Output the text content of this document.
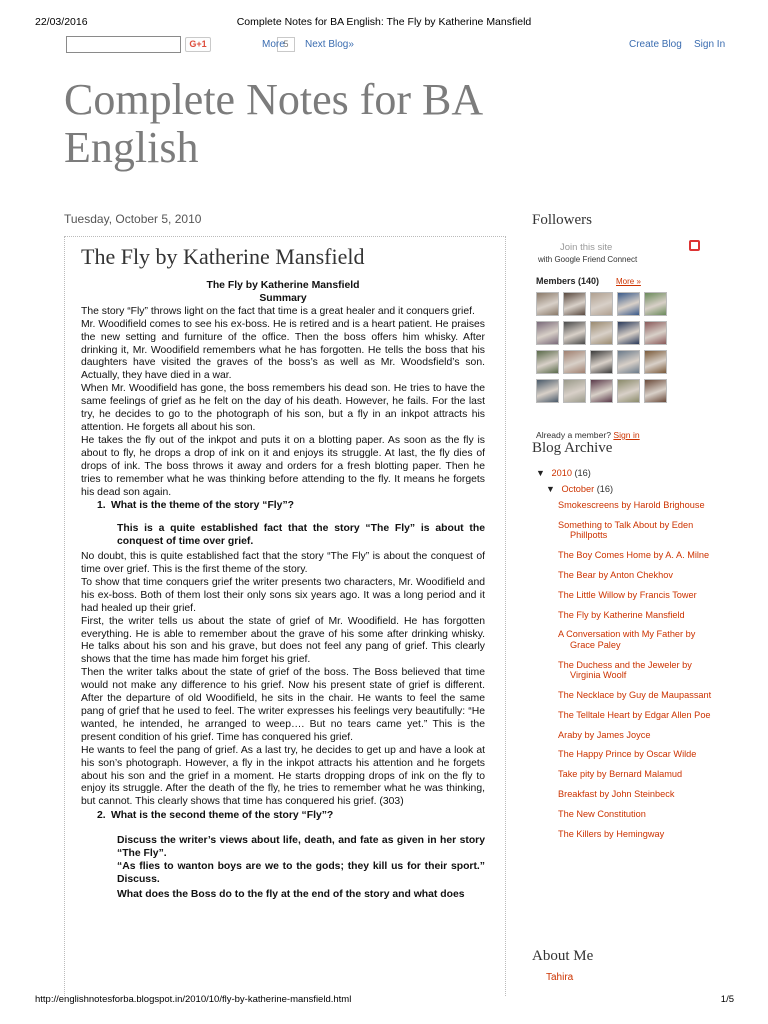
22/03/2016	Complete Notes for BA English: The Fly by Katherine Mansfield
G+1	5
More Next Blog»	Create Blog Sign In
Complete Notes for BA English
Tuesday, October 5, 2010
The Fly by Katherine Mansfield

The Fly by Katherine Mansfield

Summary

The story “Fly” throws light on the fact that time is a great healer and it conquers grief.

Mr. Woodifield comes to see his ex-boss. He is retired and is a heart patient. He praises the new setting and furniture of the office. Then the boss offers him whisky. After drinking it, Mr. Woodifield remembers what he has forgotten. He tells the boss that his daughters have visited the graves of the boss’s as well as Mr. Woodsfield’s son. Actually, they have died in a war.

When Mr. Woodifield has gone, the boss remembers his dead son. He tries to have the same feelings of grief as he felt on the day of his death. However, he fails. For the last try, he decides to go to the photograph of his son, but a fly in an inkpot attracts his attention. He forgets all about his son.

He takes the fly out of the inkpot and puts it on a blotting paper. As soon as the fly is about to fly, he drops a drop of ink on it and enjoys its struggle. At last, the fly dies of drops of ink. The boss throws it away and orders for a fresh blotting paper. Then he tries to remember what he was thinking before attending to the fly. It means he forgets his dead son again.

1. What is the theme of the story “Fly”?

This is a quite established fact that the story “The Fly” is about the conquest of time over grief.

No doubt, this is quite established fact that the story “The Fly” is about the conquest of time over grief. This is the first theme of the story.

To show that time conquers grief the writer presents two characters, Mr. Woodifield and his ex-boss. Both of them lost their only sons six years ago. It was a long period and it had healed up their grief.

First, the writer tells us about the state of grief of Mr. Woodifield. He has forgotten everything. He is able to remember about the grave of his some after drinking whisky. He talks about his son and his grave, but does not feel any pang of grief. This clearly shows that the time has made him forget his grief.

Then the writer talks about the state of grief of the boss. The Boss believed that time would not make any difference to his grief. Now his present state of grief is different. After the departure of old Woodifield, he sits in the chair. He wants to feel the same pang of grief that he used to feel. The writer expresses his feelings very beautifully: “He wanted, he intended, he arranged to weep…. But no tears came yet.” This is the present condition of his grief. Time has conquered his grief.

He wants to feel the pang of grief. As a last try, he decides to get up and have a look at his son’s photograph. However, a fly in the inkpot attracts his attention and he forgets about his son and the grief in a moment. He starts dropping drops of ink on the fly to enjoy its struggle. After the death of the fly, he tries to remember what he was thinking, but cannot. This clearly shows that time has conquered his grief. (303)

2. What is the second theme of the story “Fly”?

Discuss the writer’s views about life, death, and fate as given in her story “The Fly”.

“As flies to wanton boys are we to the gods; they kill us for their sport.” Discuss.

What does the Boss do to the fly at the end of the story and what does

Followers
Join this site
with Google Friend Connect
Members (140) More »
Already a member? Sign in
Blog Archive
▼ 2010 (16)
▼ October (16)
Smokescreens by Harold Brighouse
Something to Talk About by Eden Phillpotts
The Boy Comes Home by A. A. Milne
The Bear by Anton Chekhov
The Little Willow by Francis Tower
The Fly by Katherine Mansfield
A Conversation with My Father by Grace Paley
The Duchess and the Jeweler by Virginia Woolf
The Necklace by Guy de Maupassant
The Telltale Heart by Edgar Allen Poe
Araby by James Joyce
The Happy Prince by Oscar Wilde
Take pity by Bernard Malamud
Breakfast by John Steinbeck
The New Constitution
The Killers by Hemingway
About Me
Tahira
http://englishnotesforba.blogspot.in/2010/10/fly-by-katherine-mansfield.html	1/5
